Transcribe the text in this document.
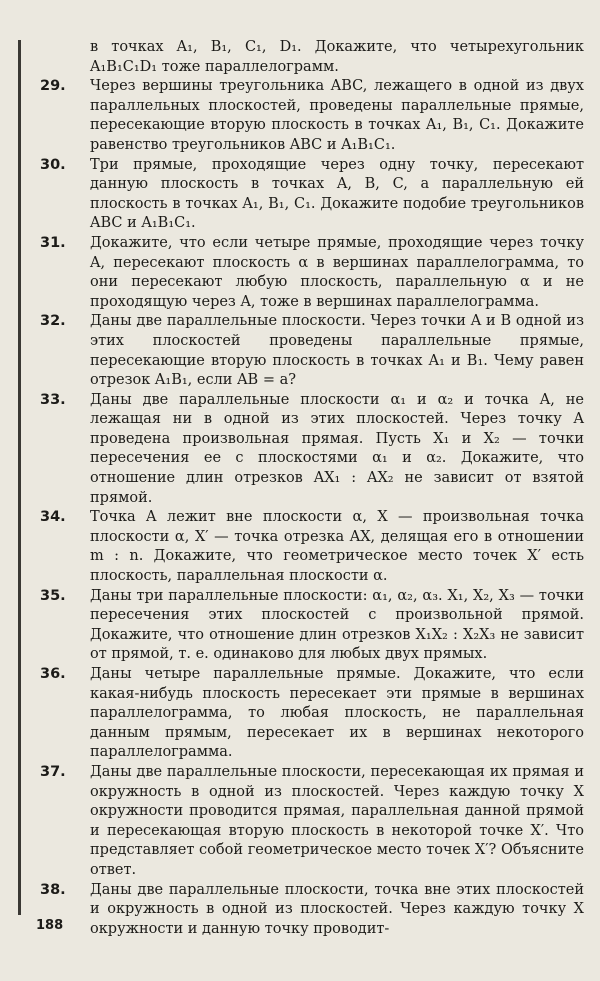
в точках A₁, B₁, C₁, D₁. Докажите, что четырехугольник A₁B₁C₁D₁ тоже параллелограмм.
29. Через вершины треугольника ABC, лежащего в одной из двух параллельных плоскостей, проведены параллельные прямые, пересекающие вторую плоскость в точках A₁, B₁, C₁. Докажите равенство треугольников ABC и A₁B₁C₁.
30. Три прямые, проходящие через одну точку, пересекают данную плоскость в точках A, B, C, а параллельную ей плоскость в точках A₁, B₁, C₁. Докажите подобие треугольников ABC и A₁B₁C₁.
31. Докажите, что если четыре прямые, проходящие через точку A, пересекают плоскость α в вершинах параллелограмма, то они пересекают любую плоскость, параллельную α и не проходящую через A, тоже в вершинах параллелограмма.
32. Даны две параллельные плоскости. Через точки A и B одной из этих плоскостей проведены параллельные прямые, пересекающие вторую плоскость в точках A₁ и B₁. Чему равен отрезок A₁B₁, если AB = a?
33. Даны две параллельные плоскости α₁ и α₂ и точка A, не лежащая ни в одной из этих плоскостей. Через точку A проведена произвольная прямая. Пусть X₁ и X₂ — точки пересечения ее с плоскостями α₁ и α₂. Докажите, что отношение длин отрезков AX₁ : AX₂ не зависит от взятой прямой.
34. Точка A лежит вне плоскости α, X — произвольная точка плоскости α, X′ — точка отрезка AX, делящая его в отношении m : n. Докажите, что геометрическое место точек X′ есть плоскость, параллельная плоскости α.
35. Даны три параллельные плоскости: α₁, α₂, α₃. X₁, X₂, X₃ — точки пересечения этих плоскостей с произвольной прямой. Докажите, что отношение длин отрезков X₁X₂ : X₂X₃ не зависит от прямой, т. е. одинаково для любых двух прямых.
36. Даны четыре параллельные прямые. Докажите, что если какая-нибудь плоскость пересекает эти прямые в вершинах параллелограмма, то любая плоскость, не параллельная данным прямым, пересекает их в вершинах некоторого параллелограмма.
37. Даны две параллельные плоскости, пересекающая их прямая и окружность в одной из плоскостей. Через каждую точку X окружности проводится прямая, параллельная данной прямой и пересекающая вторую плоскость в некоторой точке X′. Что представляет собой геометрическое место точек X′? Объясните ответ.
38. Даны две параллельные плоскости, точка вне этих плоскостей и окружность в одной из плоскостей. Через каждую точку X окружности и данную точку проводит-
188
